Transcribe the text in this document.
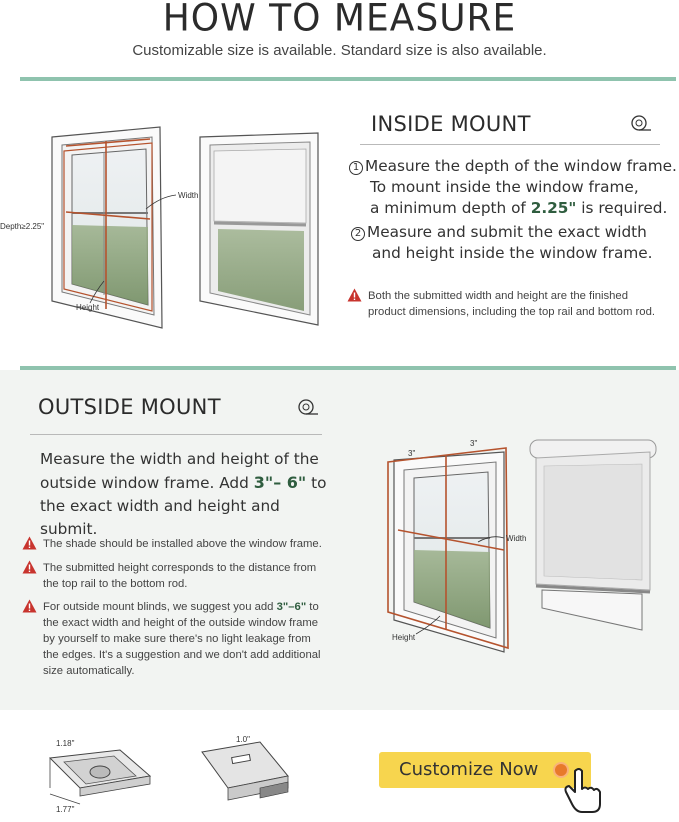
HOW TO MEASURE
Customizable size is available. Standard size is also available.
Depth≥2.25"
Width
Height
INSIDE MOUNT
1 Measure the depth of the window frame.
To mount inside the window frame,
a minimum depth of 2.25" is required.
2 Measure and submit the exact width
and height inside the window frame.
Both the submitted width and height are the finished
product dimensions, including the top rail and bottom rod.
OUTSIDE MOUNT
Measure the width and height of the
outside window frame. Add 3"– 6" to
the exact width and height and submit.
The shade should be installed above the window frame.
The submitted height corresponds to the distance from
the top rail to the bottom rod.
For outside mount blinds, we suggest you add 3"–6" to
the exact width and height of the outside window frame
by yourself to make sure there's no light leakage from
the edges. It's a suggestion and we don't add additional
size automatically.
3"
3"
Width
Height
1.18"
1.77"
1.0"
Customize Now
